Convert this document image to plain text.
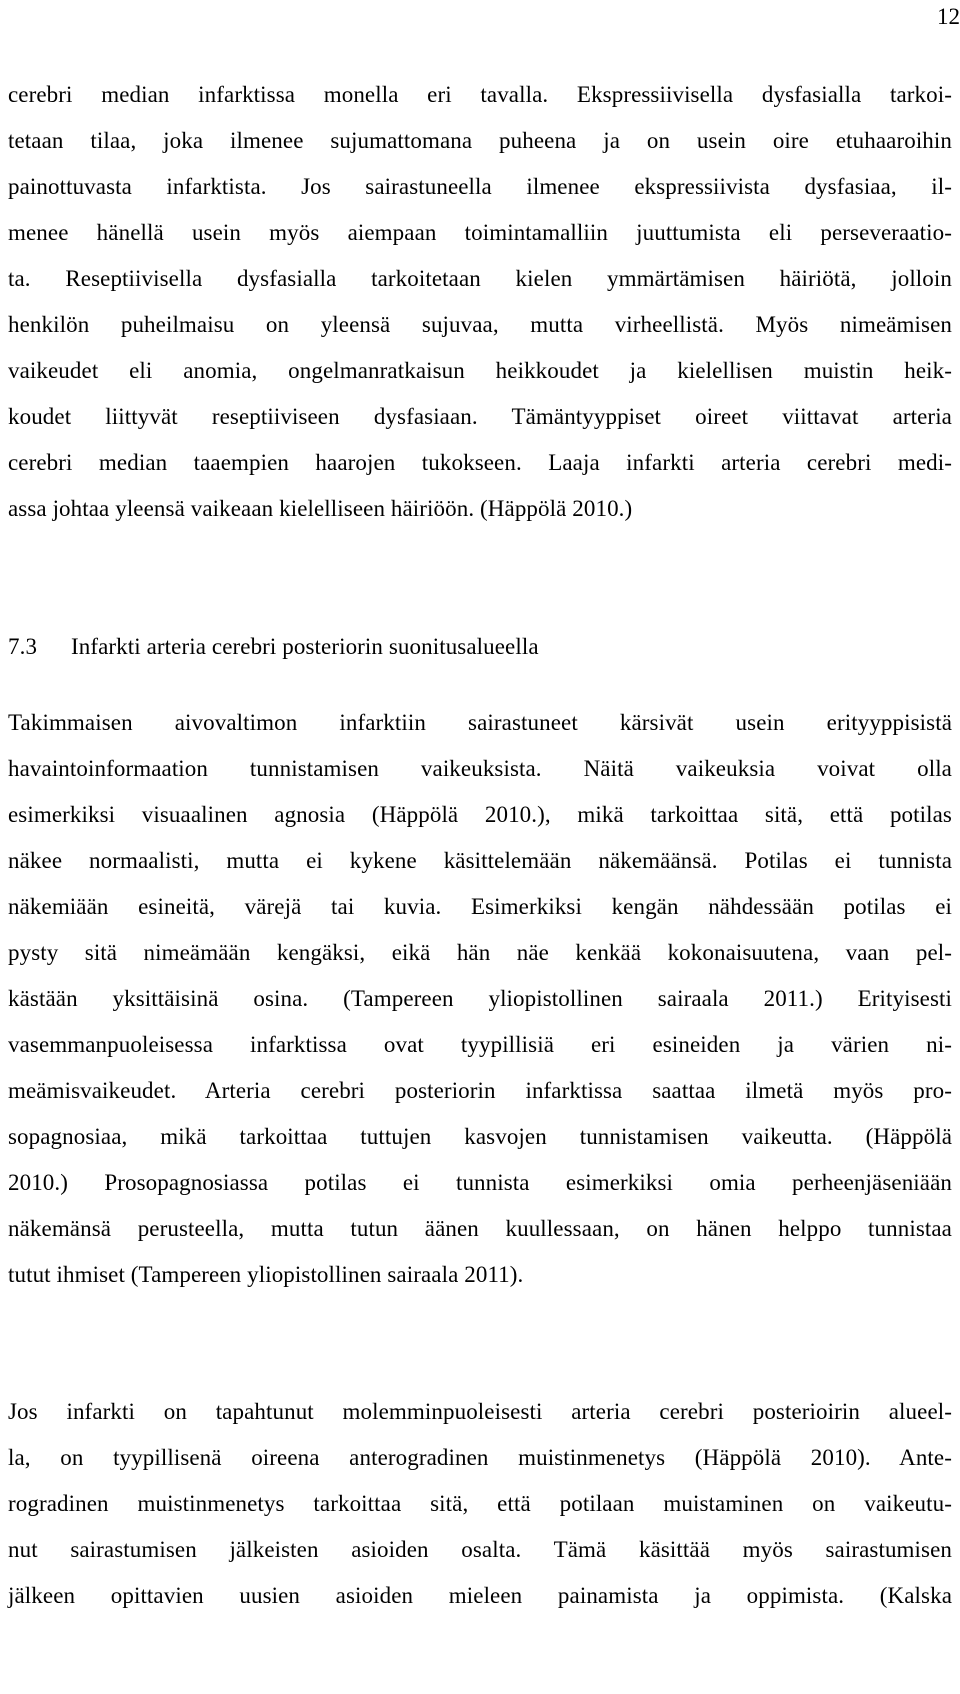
12
cerebri median infarktissa monella eri tavalla. Ekspressiivisella dysfasialla tarkoi-
tetaan tilaa, joka ilmenee sujumattomana puheena ja on usein oire etuhaaroihin
painottuvasta infarktista. Jos sairastuneella ilmenee ekspressiivista dysfasiaa, il-
menee hänellä usein myös aiempaan toimintamalliin juuttumista eli perseveraatio-
ta. Reseptiivisella dysfasialla tarkoitetaan kielen ymmärtämisen häiriötä, jolloin
henkilön puheilmaisu on yleensä sujuvaa, mutta virheellistä. Myös nimeämisen
vaikeudet eli anomia, ongelmanratkaisun heikkoudet ja kielellisen muistin heik-
koudet liittyvät reseptiiviseen dysfasiaan. Tämäntyyppiset oireet viittavat arteria
cerebri median taaempien haarojen tukokseen. Laaja infarkti arteria cerebri medi-
assa johtaa yleensä vaikeaan kielelliseen häiriöön. (Häppölä 2010.)
7.3 Infarkti arteria cerebri posteriorin suonitusalueella
Takimmaisen aivovaltimon infarktiin sairastuneet kärsivät usein erityyppisistä
havaintoinformaation tunnistamisen vaikeuksista. Näitä vaikeuksia voivat olla
esimerkiksi visuaalinen agnosia (Häppölä 2010.), mikä tarkoittaa sitä, että potilas
näkee normaalisti, mutta ei kykene käsittelemään näkemäänsä. Potilas ei tunnista
näkemiään esineitä, värejä tai kuvia. Esimerkiksi kengän nähdessään potilas ei
pysty sitä nimeämään kengäksi, eikä hän näe kenkää kokonaisuutena, vaan pel-
kästään yksittäisinä osina. (Tampereen yliopistollinen sairaala 2011.) Erityisesti
vasemmanpuoleisessa infarktissa ovat tyypillisiä eri esineiden ja värien ni-
meämisvaikeudet. Arteria cerebri posteriorin infarktissa saattaa ilmetä myös pro-
sopagnosiaa, mikä tarkoittaa tuttujen kasvojen tunnistamisen vaikeutta. (Häppölä
2010.) Prosopagnosiassa potilas ei tunnista esimerkiksi omia perheenjäseniään
näkemänsä perusteella, mutta tutun äänen kuullessaan, on hänen helppo tunnistaa
tutut ihmiset (Tampereen yliopistollinen sairaala 2011).
Jos infarkti on tapahtunut molemminpuoleisesti arteria cerebri posterioirin alueel-
la, on tyypillisenä oireena anterogradinen muistinmenetys (Häppölä 2010). Ante-
rogradinen muistinmenetys tarkoittaa sitä, että potilaan muistaminen on vaikeutu-
nut sairastumisen jälkeisten asioiden osalta. Tämä käsittää myös sairastumisen
jälkeen opittavien uusien asioiden mieleen painamista ja oppimista. (Kalska
